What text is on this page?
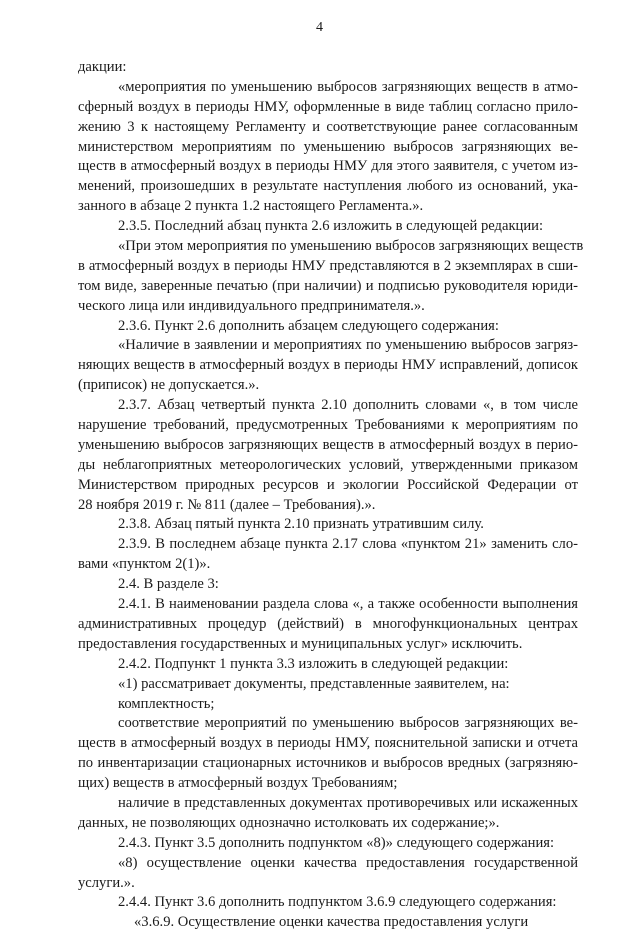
4
дакции:
«мероприятия по уменьшению выбросов загрязняющих веществ в атмо-
сферный воздух в периоды НМУ, оформленные в виде таблиц согласно прило-
жению 3 к настоящему Регламенту и соответствующие ранее согласованным
министерством мероприятиям по уменьшению выбросов загрязняющих ве-
ществ в атмосферный воздух в периоды НМУ для этого заявителя, с учетом из-
менений, произошедших в результате наступления любого из оснований, ука-
занного в абзаце 2 пункта 1.2 настоящего Регламента.».
2.3.5. Последний абзац пункта 2.6 изложить в следующей редакции:
«При этом мероприятия по уменьшению выбросов загрязняющих веществ
в атмосферный воздух в периоды НМУ представляются в 2 экземплярах в сши-
том виде, заверенные печатью (при наличии) и подписью руководителя юриди-
ческого лица или индивидуального предпринимателя.».
2.3.6. Пункт 2.6 дополнить абзацем следующего содержания:
«Наличие в заявлении и мероприятиях по уменьшению выбросов загряз-
няющих веществ в атмосферный воздух в периоды НМУ исправлений, дописок
(приписок) не допускается.».
2.3.7. Абзац четвертый пункта 2.10 дополнить словами «, в том числе
нарушение требований, предусмотренных Требованиями к мероприятиям по
уменьшению выбросов загрязняющих веществ в атмосферный воздух в перио-
ды неблагоприятных метеорологических условий, утвержденными приказом
Министерством природных ресурсов и экологии Российской Федерации от
28 ноября 2019 г. № 811 (далее – Требования).».
2.3.8. Абзац пятый пункта 2.10 признать утратившим силу.
2.3.9. В последнем абзаце пункта 2.17 слова «пунктом 21» заменить сло-
вами «пунктом 2(1)».
2.4. В разделе 3:
2.4.1. В наименовании раздела слова «, а также особенности выполнения
административных процедур (действий) в многофункциональных центрах
предоставления государственных и муниципальных услуг» исключить.
2.4.2. Подпункт 1 пункта 3.3 изложить в следующей редакции:
«1) рассматривает документы, представленные заявителем, на:
комплектность;
соответствие мероприятий по уменьшению выбросов загрязняющих ве-
ществ в атмосферный воздух в периоды НМУ, пояснительной записки и отчета
по инвентаризации стационарных источников и выбросов вредных (загрязняю-
щих) веществ в атмосферный воздух Требованиям;
наличие в представленных документах противоречивых или искаженных
данных, не позволяющих однозначно истолковать их содержание;».
2.4.3. Пункт 3.5 дополнить подпунктом «8)» следующего содержания:
«8) осуществление оценки качества предоставления государственной
услуги.».
2.4.4. Пункт 3.6 дополнить подпунктом 3.6.9 следующего содержания:
«3.6.9. Осуществление оценки качества предоставления услуги
